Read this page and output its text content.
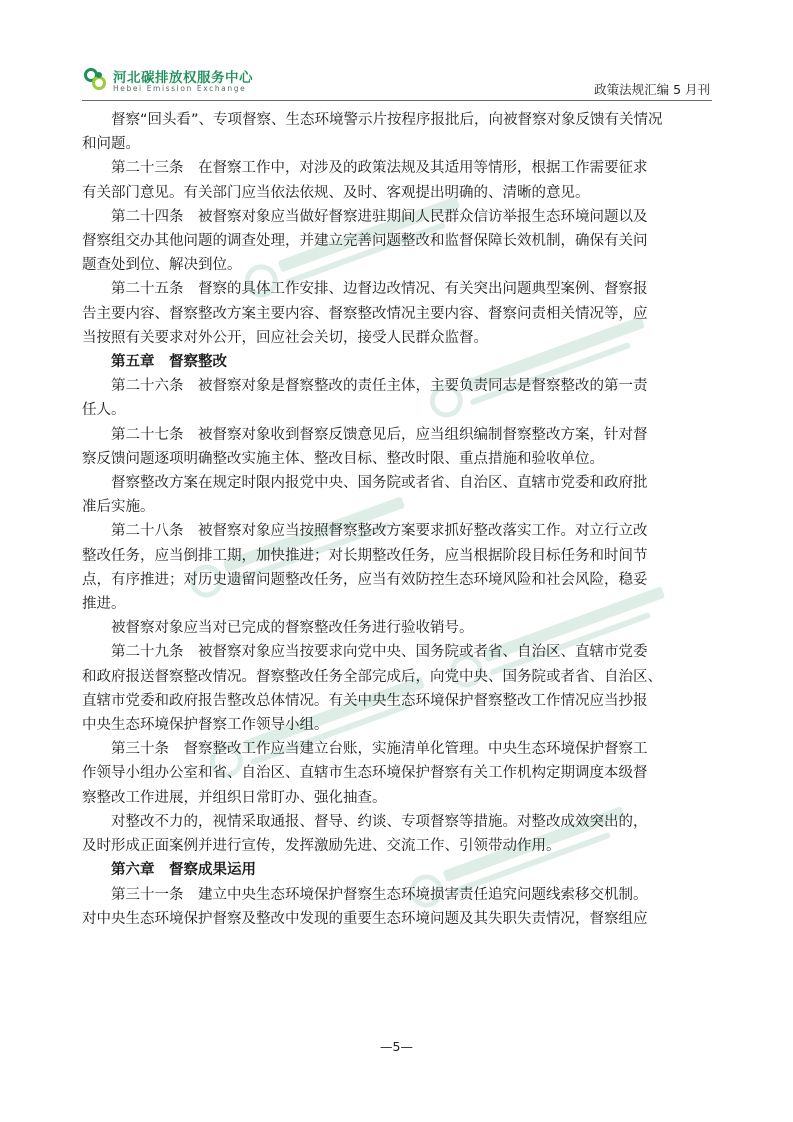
河北碳排放权服务中心
Hebei Emission Exchange	政策法规汇编 5 月刊

督察“回头看”、专项督察、生态环境警示片按程序报批后，向被督察对象反馈有关情况
和问题。

第二十三条　在督察工作中，对涉及的政策法规及其适用等情形，根据工作需要征求
有关部门意见。有关部门应当依法依规、及时、客观提出明确的、清晰的意见。

第二十四条　被督察对象应当做好督察进驻期间人民群众信访举报生态环境问题以及
督察组交办其他问题的调查处理，并建立完善问题整改和监督保障长效机制，确保有关问
题查处到位、解决到位。

第二十五条　督察的具体工作安排、边督边改情况、有关突出问题典型案例、督察报
告主要内容、督察整改方案主要内容、督察整改情况主要内容、督察问责相关情况等，应
当按照有关要求对外公开，回应社会关切，接受人民群众监督。

第五章　督察整改

第二十六条　被督察对象是督察整改的责任主体，主要负责同志是督察整改的第一责
任人。

第二十七条　被督察对象收到督察反馈意见后，应当组织编制督察整改方案，针对督
察反馈问题逐项明确整改实施主体、整改目标、整改时限、重点措施和验收单位。

督察整改方案在规定时限内报党中央、国务院或者省、自治区、直辖市党委和政府批
准后实施。

第二十八条　被督察对象应当按照督察整改方案要求抓好整改落实工作。对立行立改
整改任务，应当倒排工期，加快推进；对长期整改任务，应当根据阶段目标任务和时间节
点，有序推进；对历史遗留问题整改任务，应当有效防控生态环境风险和社会风险，稳妥
推进。

被督察对象应当对已完成的督察整改任务进行验收销号。

第二十九条　被督察对象应当按要求向党中央、国务院或者省、自治区、直辖市党委
和政府报送督察整改情况。督察整改任务全部完成后，向党中央、国务院或者省、自治区、
直辖市党委和政府报告整改总体情况。有关中央生态环境保护督察整改工作情况应当抄报
中央生态环境保护督察工作领导小组。

第三十条　督察整改工作应当建立台账，实施清单化管理。中央生态环境保护督察工
作领导小组办公室和省、自治区、直辖市生态环境保护督察有关工作机构定期调度本级督
察整改工作进展，并组织日常盯办、强化抽查。

对整改不力的，视情采取通报、督导、约谈、专项督察等措施。对整改成效突出的，
及时形成正面案例并进行宣传，发挥激励先进、交流工作、引领带动作用。

第六章　督察成果运用

第三十一条　建立中央生态环境保护督察生态环境损害责任追究问题线索移交机制。
对中央生态环境保护督察及整改中发现的重要生态环境问题及其失职失责情况，督察组应

—5—
